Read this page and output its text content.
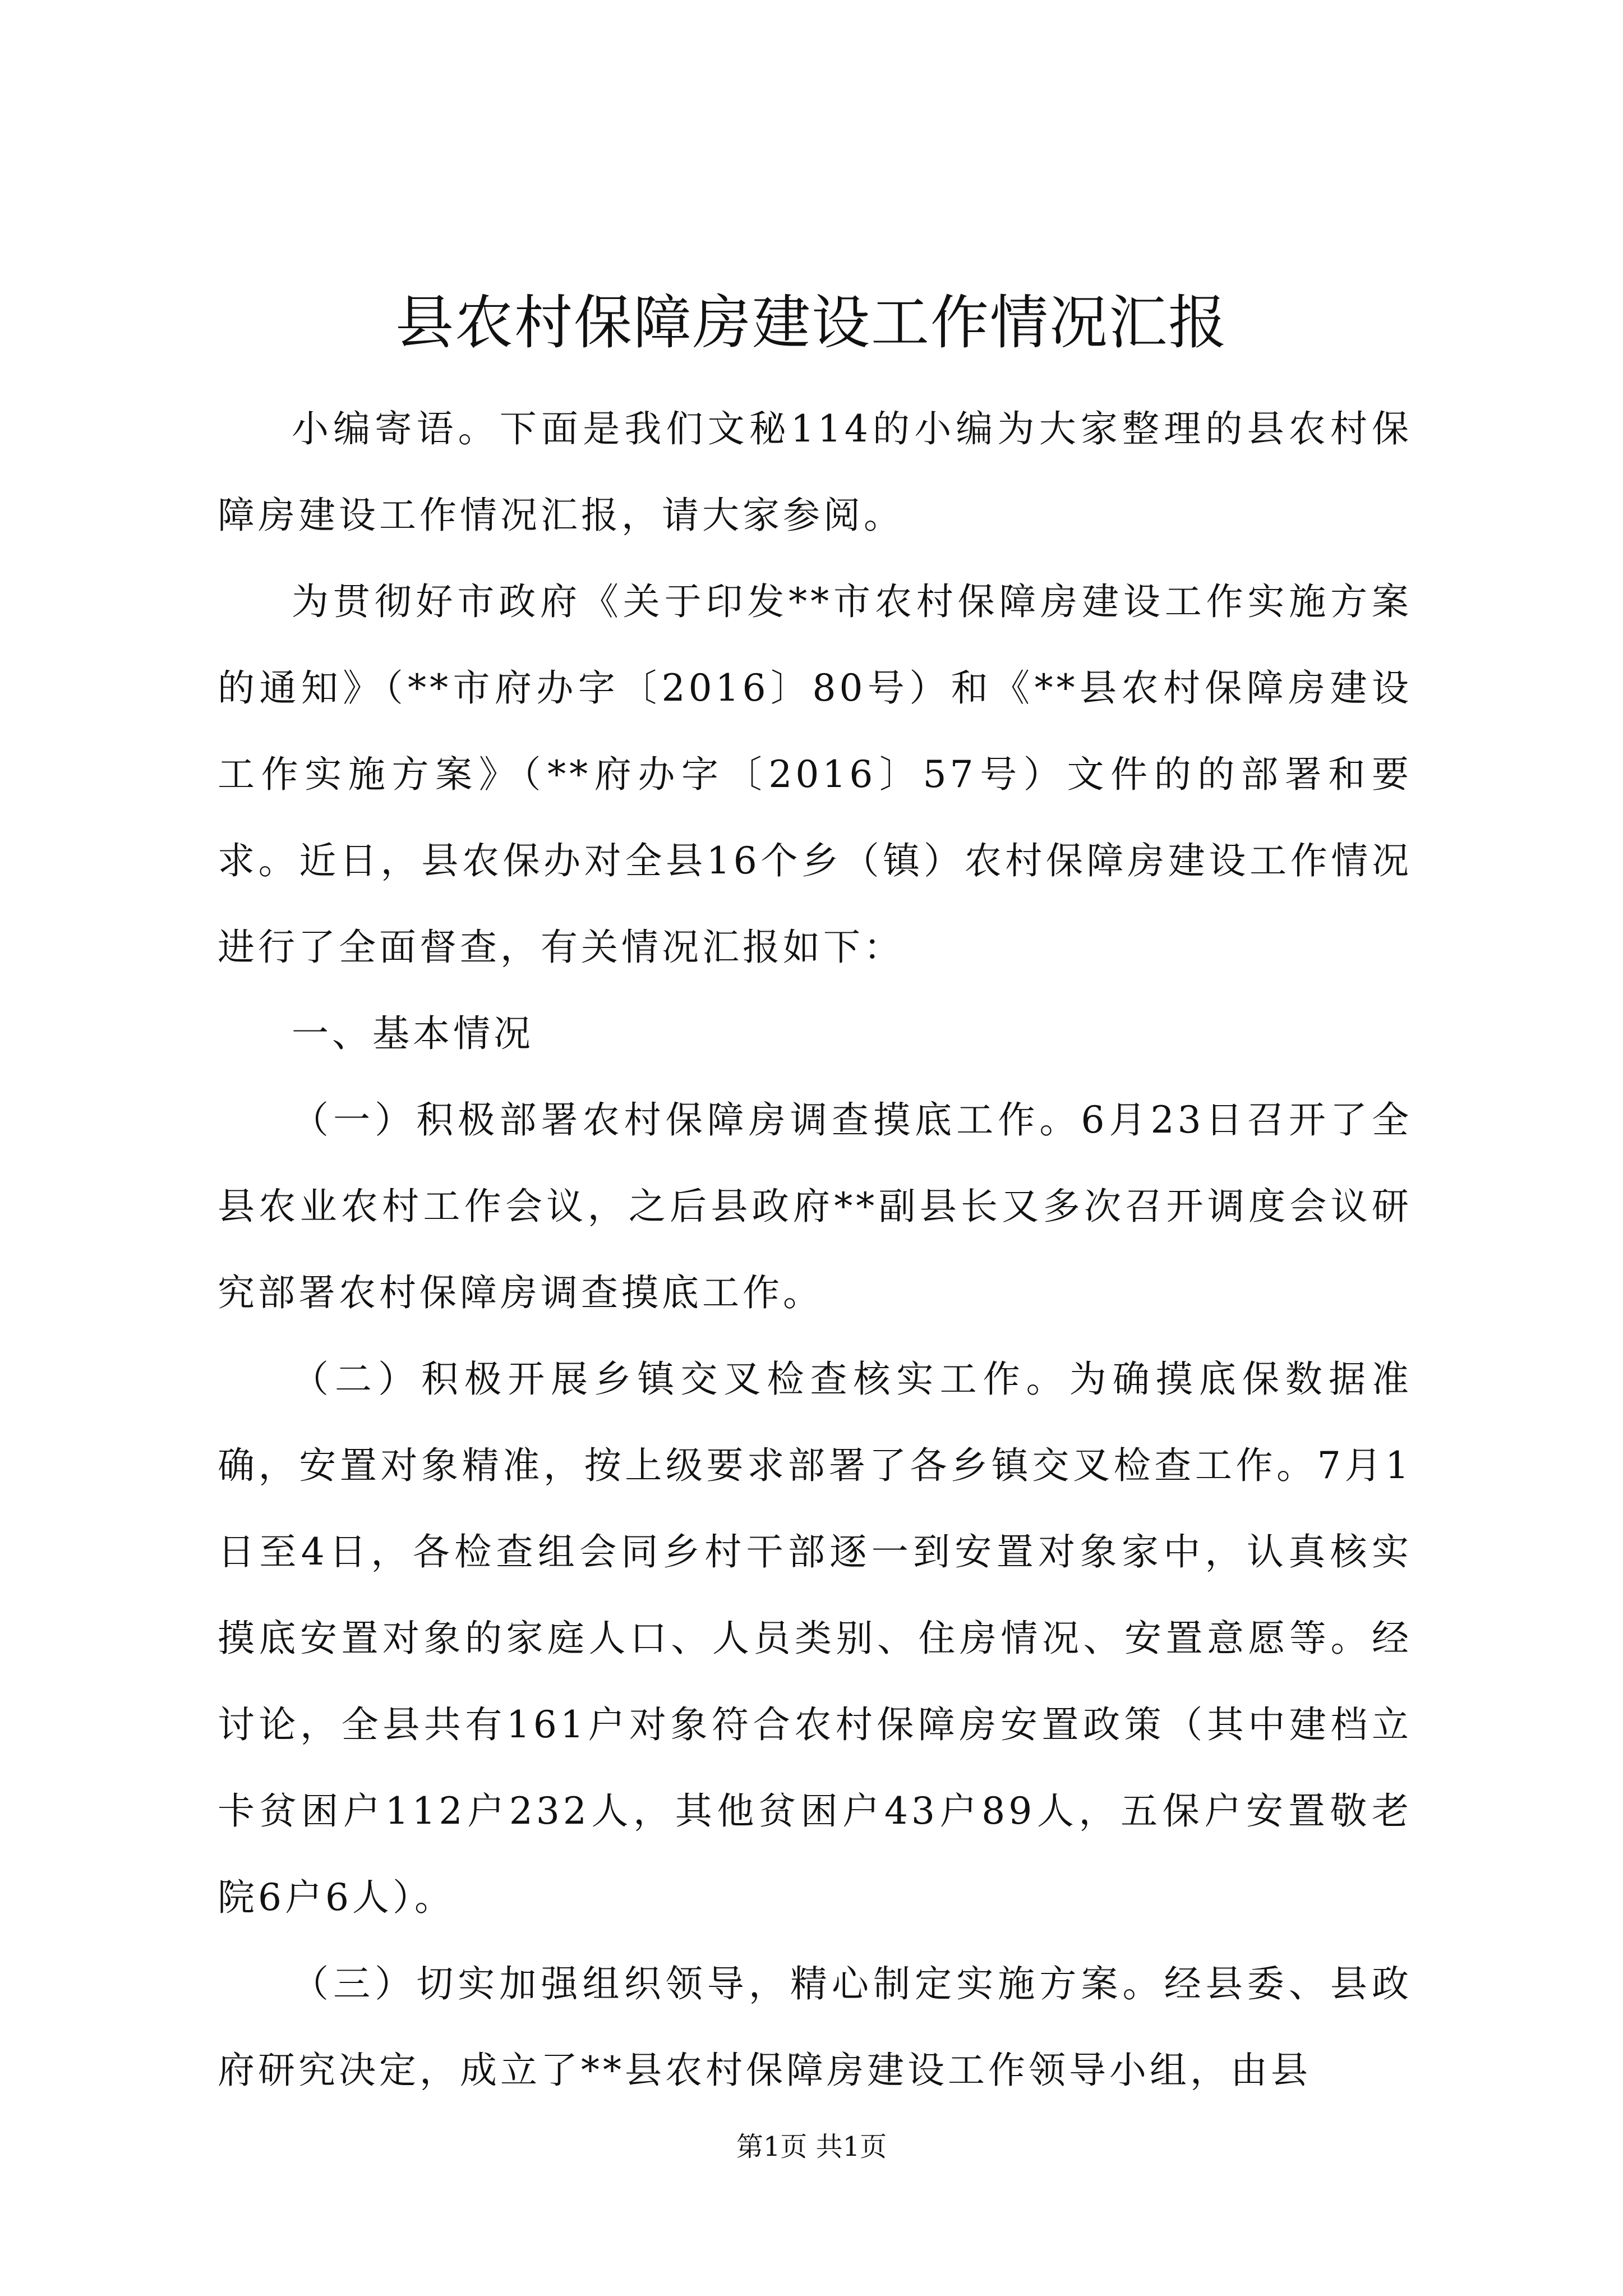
县农村保障房建设工作情况汇报

小编寄语。下面是我们文秘114的小编为大家整理的县农村保障房建设工作情况汇报，请大家参阅。

为贯彻好市政府《关于印发**市农村保障房建设工作实施方案的通知》（**市府办字〔2016〕80号）和《**县农村保障房建设工作实施方案》（**府办字〔2016〕57号）文件的的部署和要求。近日，县农保办对全县16个乡（镇）农村保障房建设工作情况进行了全面督查，有关情况汇报如下：

一、基本情况

（一）积极部署农村保障房调查摸底工作。6月23日召开了全县农业农村工作会议，之后县政府**副县长又多次召开调度会议研究部署农村保障房调查摸底工作。

（二）积极开展乡镇交叉检查核实工作。为确摸底保数据准确，安置对象精准，按上级要求部署了各乡镇交叉检查工作。7月1日至4日，各检查组会同乡村干部逐一到安置对象家中，认真核实摸底安置对象的家庭人口、人员类别、住房情况、安置意愿等。经讨论，全县共有161户对象符合农村保障房安置政策（其中建档立卡贫困户112户232人，其他贫困户43户89人，五保户安置敬老院6户6人）。

（三）切实加强组织领导，精心制定实施方案。经县委、县政府研究决定，成立了**县农村保障房建设工作领导小组，由县

第1页 共1页
